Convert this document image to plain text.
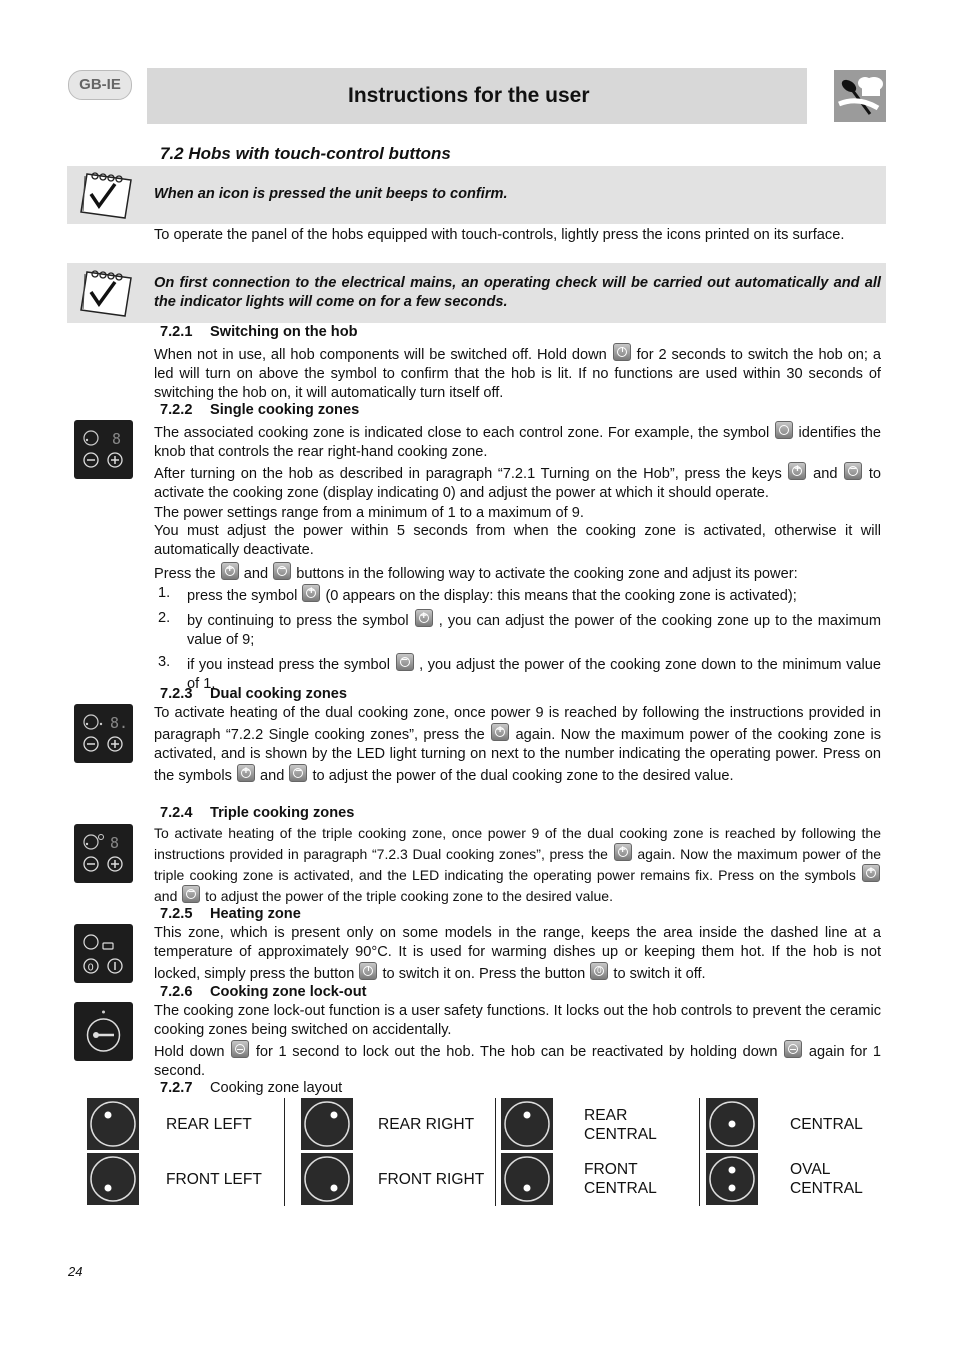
GB-IE	Instructions for the user
7.2 Hobs with touch-control buttons
When an icon is pressed the unit beeps to confirm.
To operate the panel of the hobs equipped with touch-controls, lightly press the icons printed on its surface.
On first connection to the electrical mains, an operating check will be carried out automatically and all the indicator lights will come on for a few seconds.
7.2.1 Switching on the hob
When not in use, all hob components will be switched off. Hold down for 2 seconds to switch the hob on; a led will turn on above the symbol to confirm that the hob is lit. If no functions are used within 30 seconds of switching the hob on, it will automatically turn itself off.
7.2.2 Single cooking zones
8 The associated cooking zone is indicated close to each control zone. For example, the symbol identifies the knob that controls the rear right-hand cooking zone.
After turning on the hob as described in paragraph “7.2.1 Turning on the Hob”, press the keys + and − to activate the cooking zone (display indicating 0) and adjust the power at which it should operate.
The power settings range from a minimum of 1 to a maximum of 9.
You must adjust the power within 5 seconds from when the cooking zone is activated, otherwise it will automatically deactivate.
Press the + and − buttons in the following way to activate the cooking zone and adjust its power:
1. press the symbol + (0 appears on the display: this means that the cooking zone is activated);
2. by continuing to press the symbol + , you can adjust the power of the cooking zone up to the maximum value of 9;
3. if you instead press the symbol − , you adjust the power of the cooking zone down to the minimum value of 1.
7.2.3 Dual cooking zones
8.
To activate heating of the dual cooking zone, once power 9 is reached by following the instructions provided in paragraph “7.2.2 Single cooking zones”, press the + again. Now the maximum power of the cooking zone is activated, and is shown by the LED light turning on next to the number indicating the operating power. Press on the symbols + and − to adjust the power of the dual cooking zone to the desired value.
7.2.4 Triple cooking zones
8
To activate heating of the triple cooking zone, once power 9 of the dual cooking zone is reached by following the instructions provided in paragraph “7.2.3 Dual cooking zones”, press the + again. Now the maximum power of the triple cooking zone is activated, and the LED indicating the operating power remains fix. Press on the symbols + and − to adjust the power of the triple cooking zone to the desired value.
7.2.5 Heating zone
0
This zone, which is present only on some models in the range, keeps the area inside the dashed line at a temperature of approximately 90°C. It is used for warming dishes up or keeping them hot. If the hob is not locked, simply press the button to switch it on. Press the button 0 to switch it off.
7.2.6 Cooking zone lock-out
The cooking zone lock-out function is a user safety functions. It locks out the hob controls to prevent the ceramic cooking zones being switched on accidentally.
Hold down for 1 second to lock out the hob. The hob can be reactivated by holding down again for 1 second.
7.2.7 Cooking zone layout
REAR LEFT
FRONT LEFT
REAR RIGHT
FRONT RIGHT
REAR CENTRAL
FRONT CENTRAL
CENTRAL
OVAL CENTRAL
24
